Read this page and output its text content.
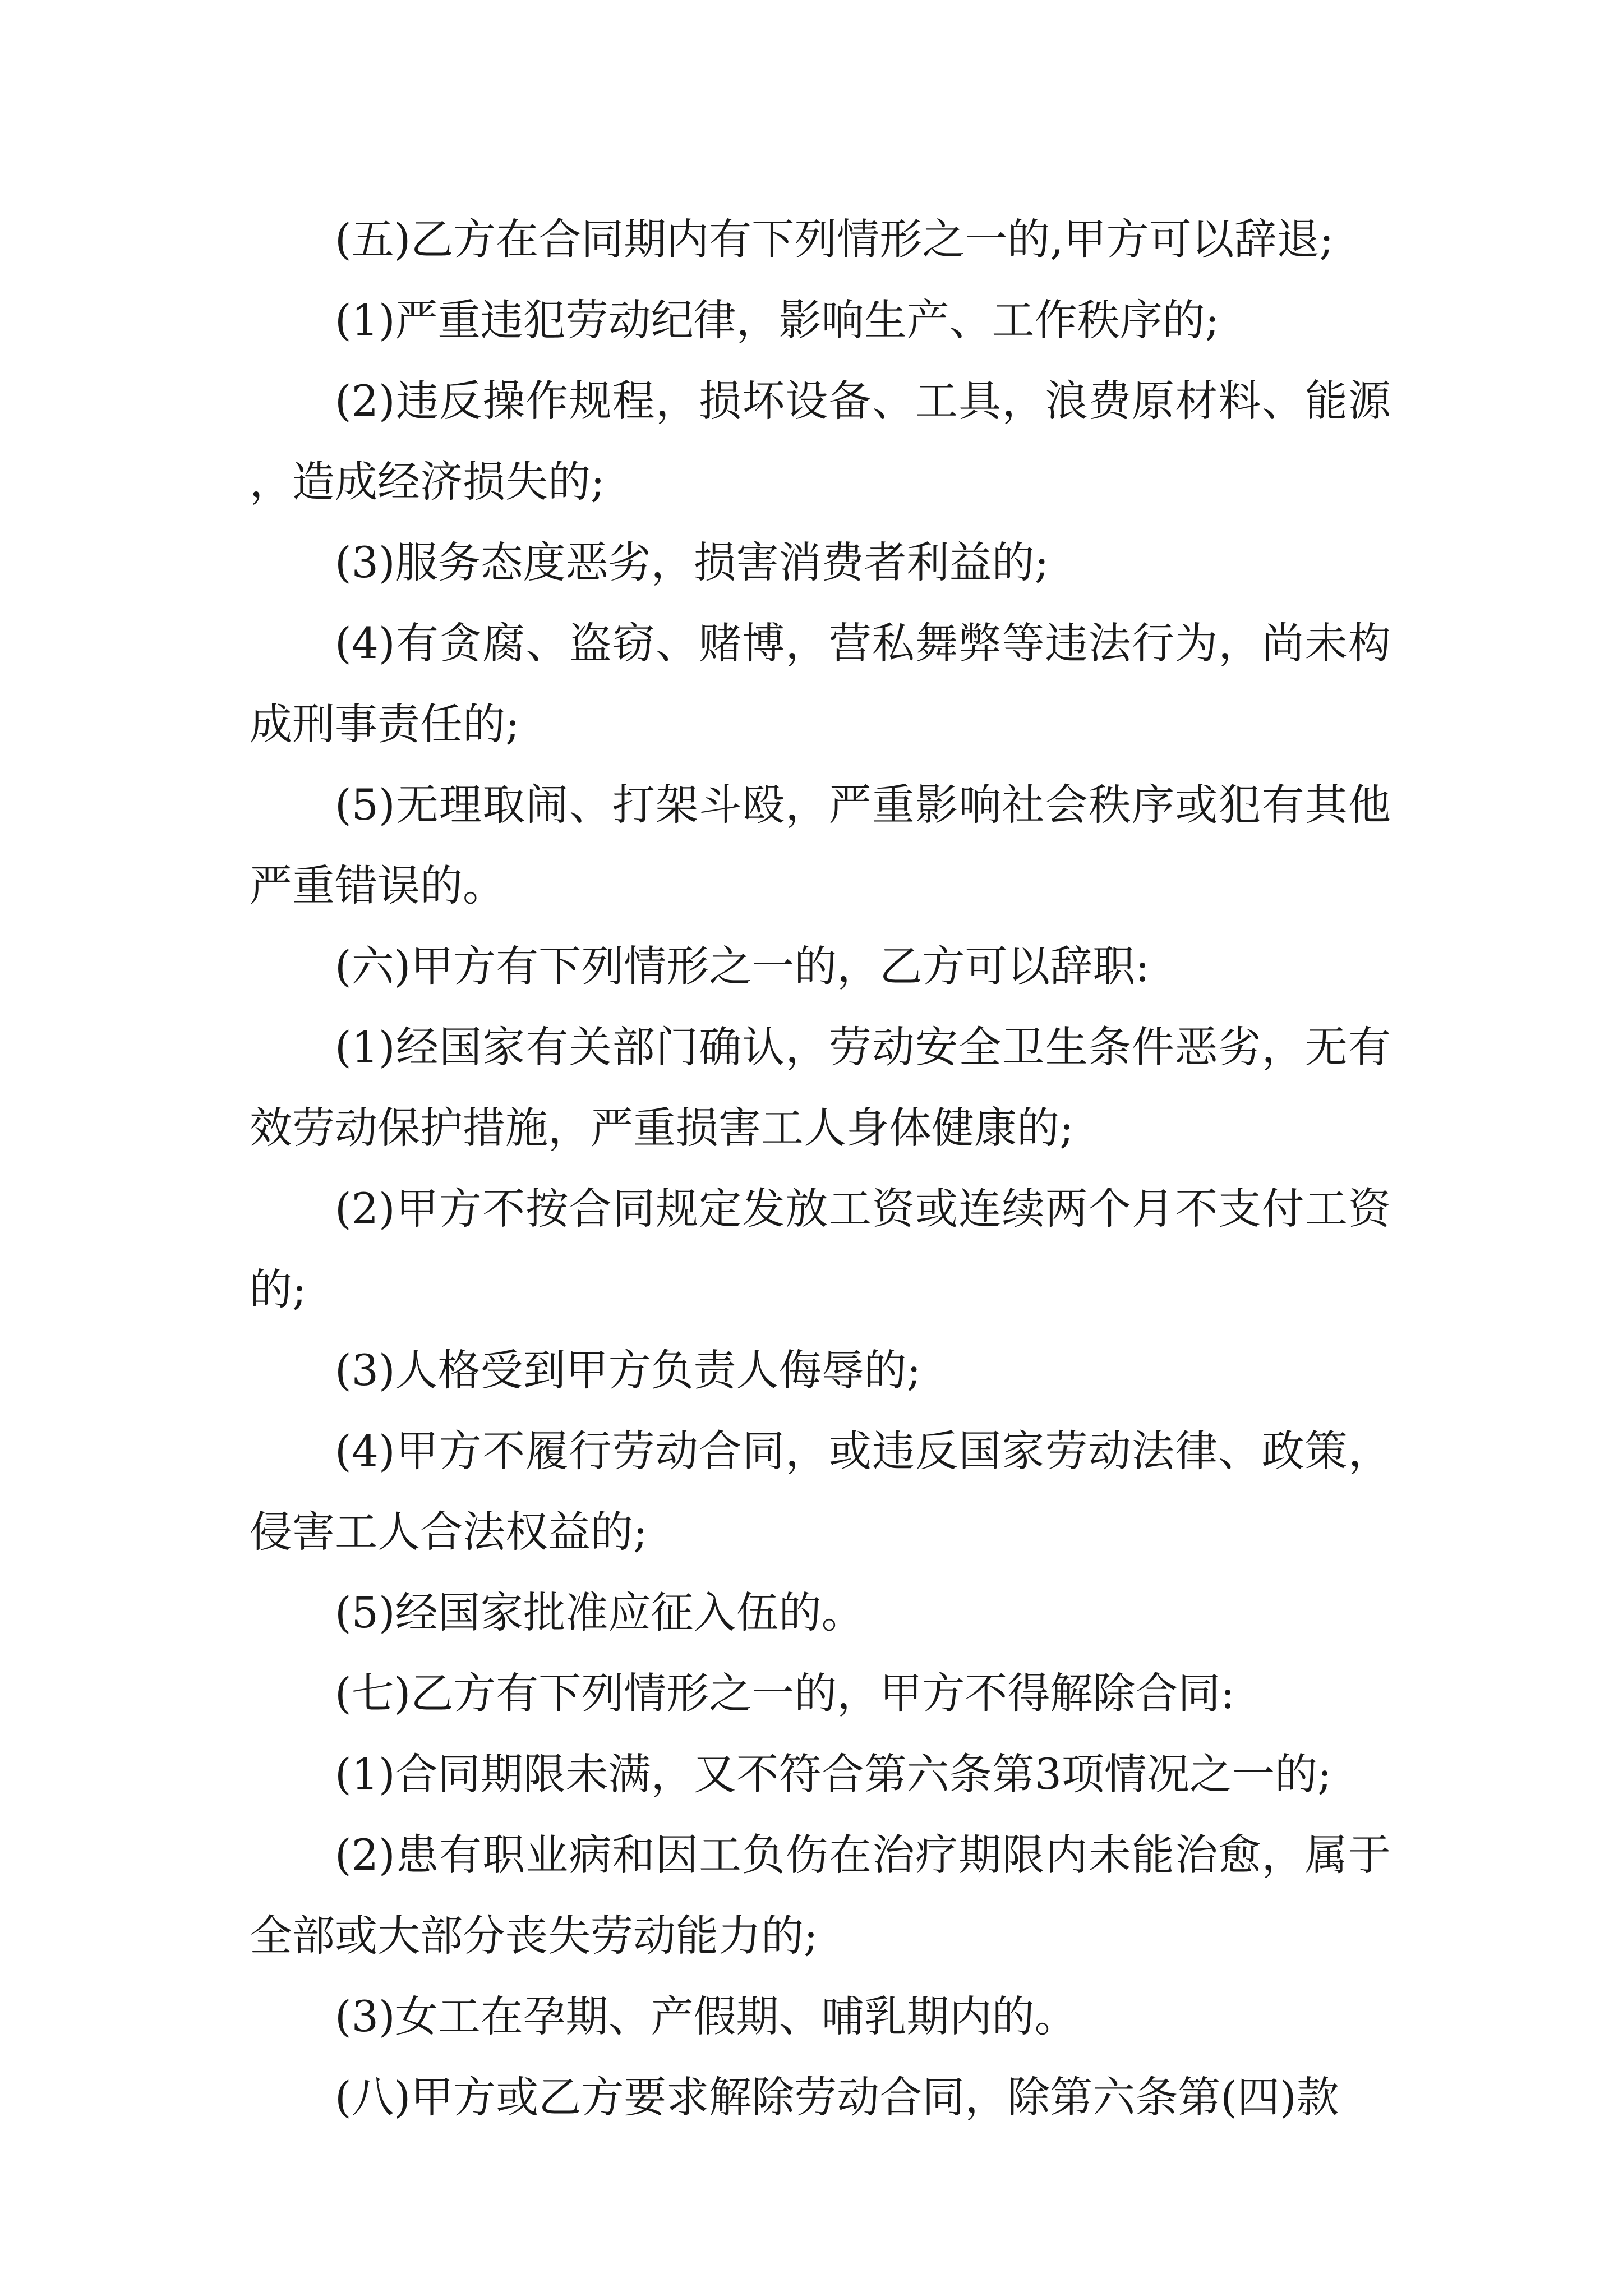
(五)乙方在合同期内有下列情形之一的,甲方可以辞退;

(1)严重违犯劳动纪律，影响生产、工作秩序的;

(2)违反操作规程，损坏设备、工具，浪费原材料、能源，造成经济损失的;

(3)服务态度恶劣，损害消费者利益的;

(4)有贪腐、盗窃、赌博，营私舞弊等违法行为，尚未构成刑事责任的;

(5)无理取闹、打架斗殴，严重影响社会秩序或犯有其他严重错误的。

(六)甲方有下列情形之一的，乙方可以辞职:

(1)经国家有关部门确认，劳动安全卫生条件恶劣，无有效劳动保护措施，严重损害工人身体健康的;

(2)甲方不按合同规定发放工资或连续两个月不支付工资的;

(3)人格受到甲方负责人侮辱的;

(4)甲方不履行劳动合同，或违反国家劳动法律、政策，侵害工人合法权益的;

(5)经国家批准应征入伍的。

(七)乙方有下列情形之一的，甲方不得解除合同:

(1)合同期限未满，又不符合第六条第3项情况之一的;

(2)患有职业病和因工负伤在治疗期限内未能治愈，属于全部或大部分丧失劳动能力的;

(3)女工在孕期、产假期、哺乳期内的。

(八)甲方或乙方要求解除劳动合同，除第六条第(四)款
